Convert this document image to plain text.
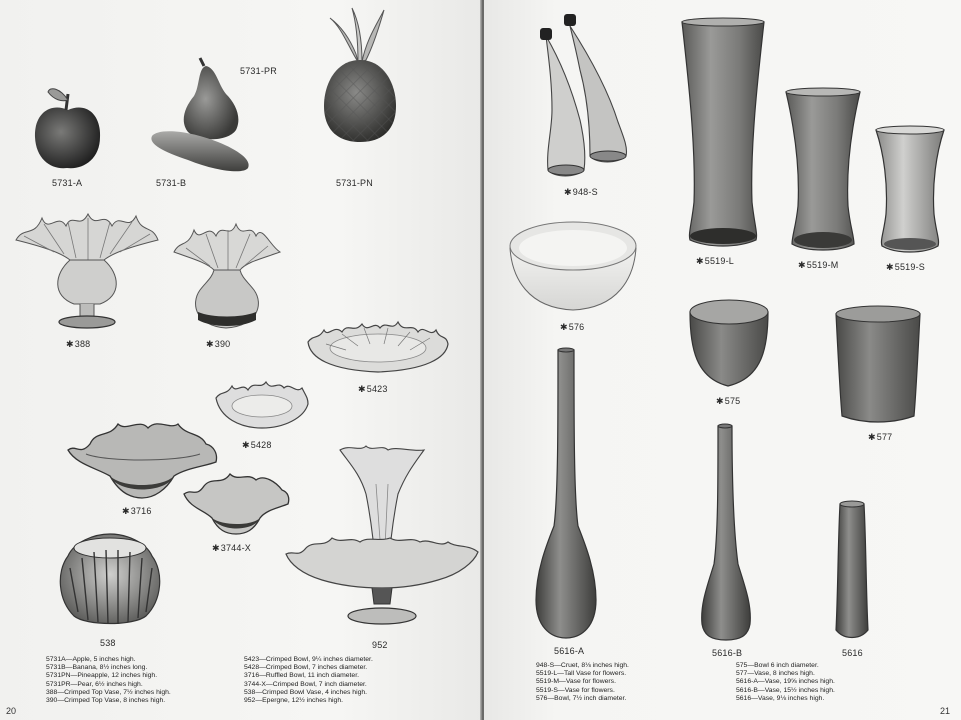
5731-A	5731-B
5731-PR
5731-PN
✱388	✱390
✱5423
✱5428
✱3716
✱3744-X
538	952
5731A—Apple, 5 inches high.
5731B—Banana, 8½ inches long.
5731PN—Pineapple, 12 inches high.
5731PR—Pear, 6½ inches high.
388—Crimped Top Vase, 7½ inches high.
390—Crimped Top Vase, 8 inches high.
5423—Crimped Bowl, 9¼ inches diameter.
5428—Crimped Bowl, 7 inches diameter.
3716—Ruffled Bowl, 11 inch diameter.
3744-X—Crimped Bowl, 7 inch diameter.
538—Crimped Bowl Vase, 4 inches high.
952—Epergne, 12½ inches high.
20
✱948-S
✱5519-L	✱5519-M	✱5519-S
✱576
✱575
✱577
5616-A	5616-B	5616
948-S—Cruet, 8⅛ inches high.
5519-L—Tall Vase for flowers.
5519-M—Vase for flowers.
5519-S—Vase for flowers.
576—Bowl, 7½ inch diameter.
575—Bowl 6 inch diameter.
577—Vase, 8 inches high.
5616-A—Vase, 19⅝ inches high.
5616-B—Vase, 15½ inches high.
5616—Vase, 9⅛ inches high.
21
